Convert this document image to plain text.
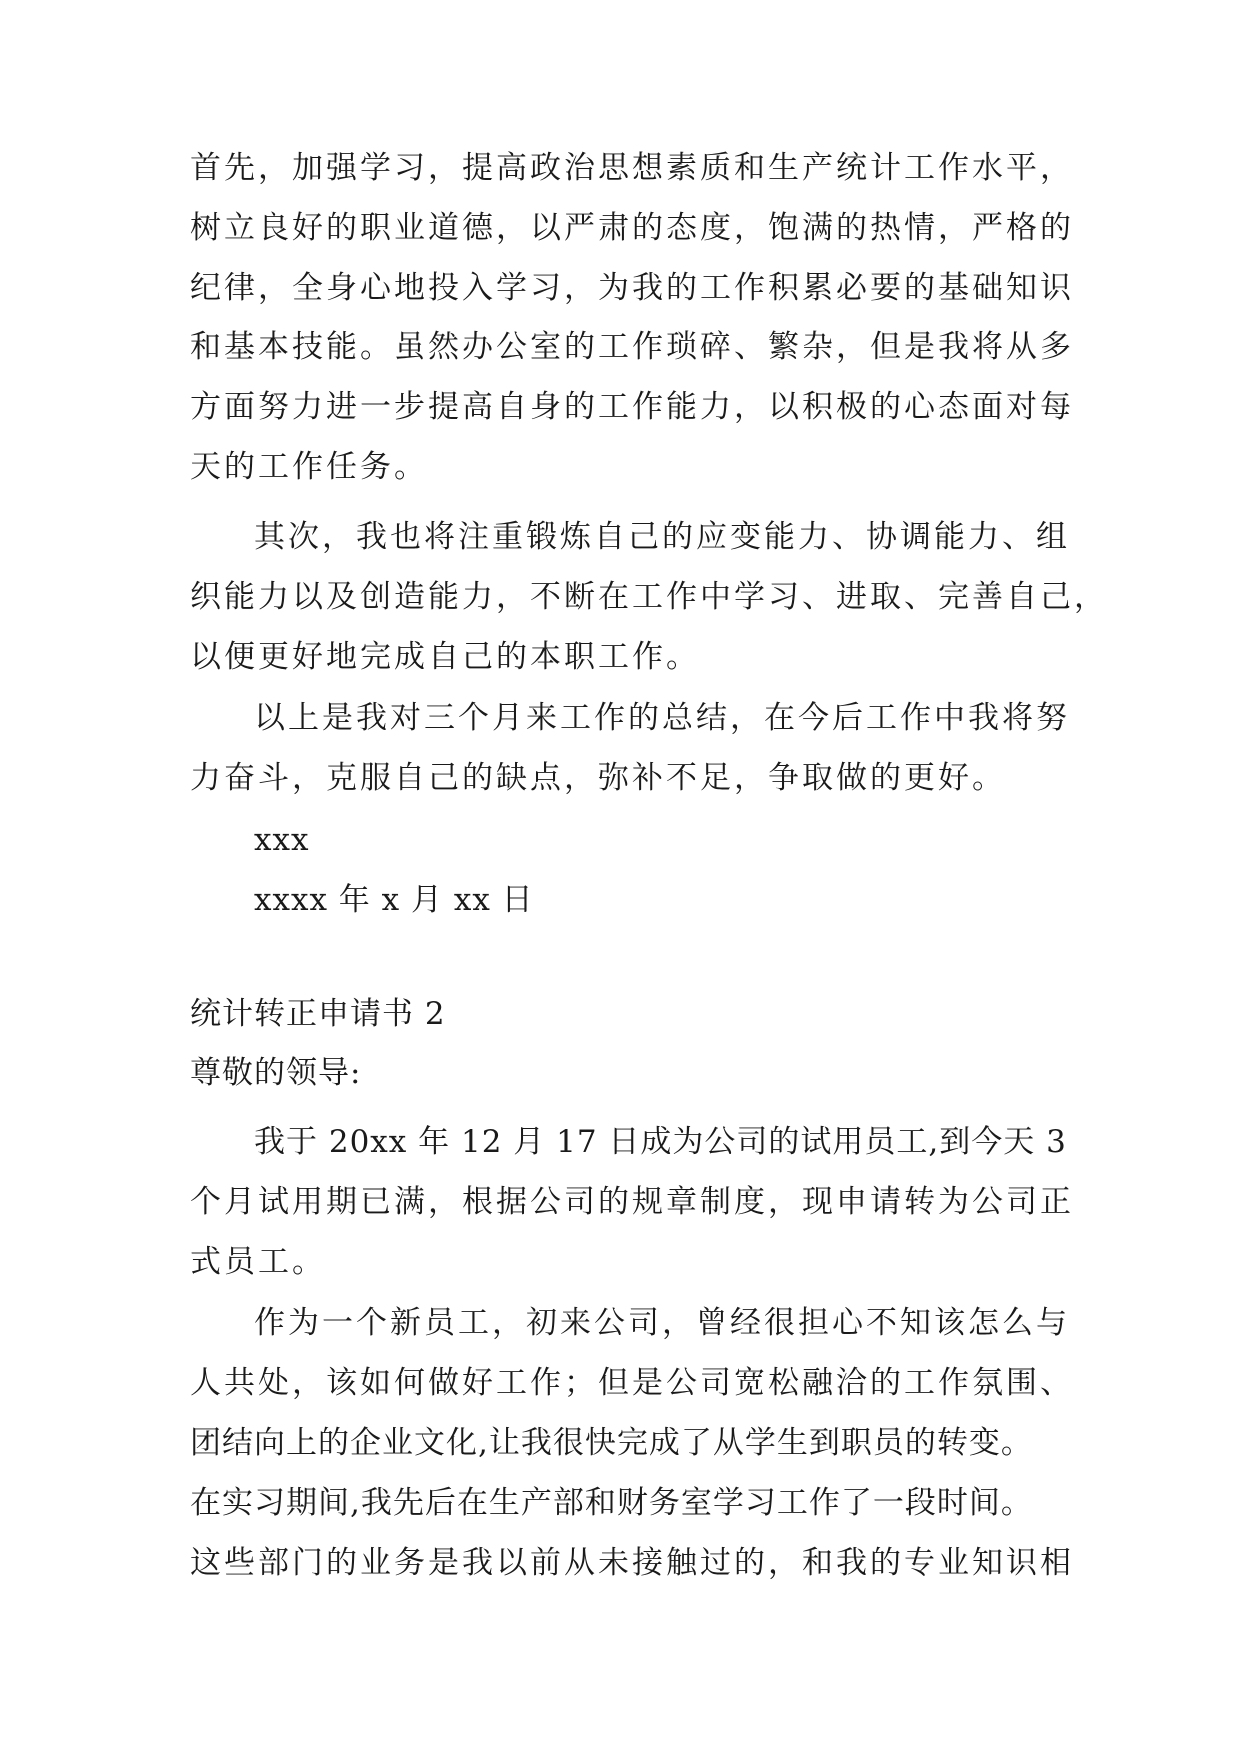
首先，加强学习，提高政治思想素质和生产统计工作水平，
树立良好的职业道德，以严肃的态度，饱满的热情，严格的
纪律，全身心地投入学习，为我的工作积累必要的基础知识
和基本技能。虽然办公室的工作琐碎、繁杂，但是我将从多
方面努力进一步提高自身的工作能力，以积极的心态面对每
天的工作任务。
其次，我也将注重锻炼自己的应变能力、协调能力、组
织能力以及创造能力，不断在工作中学习、进取、完善自己，
以便更好地完成自己的本职工作。
以上是我对三个月来工作的总结，在今后工作中我将努
力奋斗，克服自己的缺点，弥补不足，争取做的更好。
xxx
xxxx 年 x 月 xx 日
统计转正申请书 2
尊敬的领导:
我于 20xx 年 12 月 17 日成为公司的试用员工,到今天 3
个月试用期已满，根据公司的规章制度，现申请转为公司正
式员工。
作为一个新员工，初来公司，曾经很担心不知该怎么与
人共处，该如何做好工作；但是公司宽松融洽的工作氛围、
团结向上的企业文化,让我很快完成了从学生到职员的转变。
在实习期间,我先后在生产部和财务室学习工作了一段时间。
这些部门的业务是我以前从未接触过的，和我的专业知识相
